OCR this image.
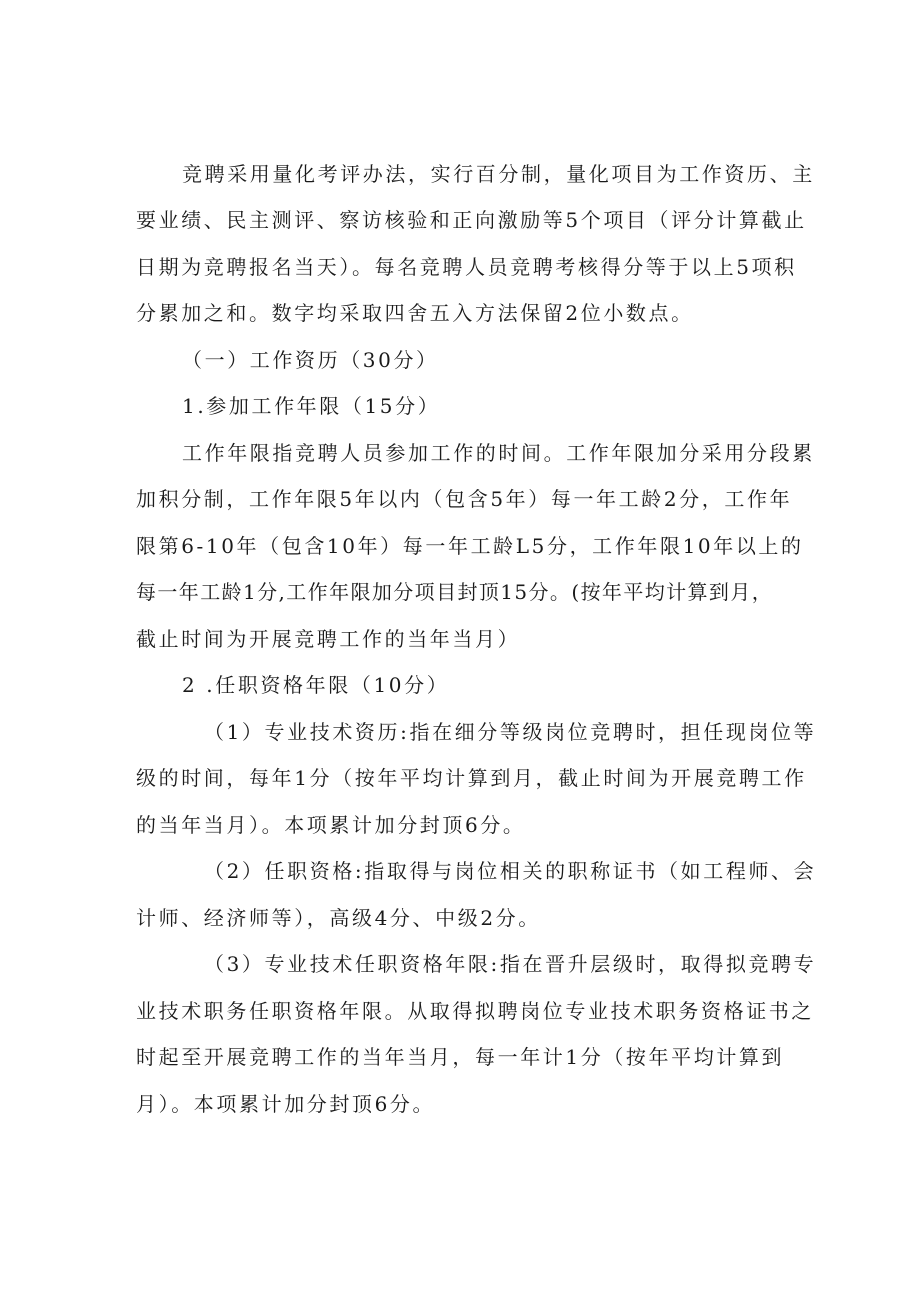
竞聘采用量化考评办法，实行百分制，量化项目为工作资历、主
要业绩、民主测评、察访核验和正向激励等5个项目（评分计算截止
日期为竞聘报名当天）。每名竞聘人员竞聘考核得分等于以上5项积
分累加之和。数字均采取四舍五入方法保留2位小数点。
（一）工作资历（30分）
1.参加工作年限（15分）
工作年限指竞聘人员参加工作的时间。工作年限加分采用分段累
加积分制，工作年限5年以内（包含5年）每一年工龄2分，工作年
限第6-10年（包含10年）每一年工龄L5分，工作年限10年以上的
每一年工龄1分,工作年限加分项目封顶15分。(按年平均计算到月，
截止时间为开展竞聘工作的当年当月）
2 .任职资格年限（10分）
（1）专业技术资历:指在细分等级岗位竞聘时，担任现岗位等
级的时间，每年1分（按年平均计算到月，截止时间为开展竞聘工作
的当年当月）。本项累计加分封顶6分。
（2）任职资格:指取得与岗位相关的职称证书（如工程师、会
计师、经济师等），高级4分、中级2分。
（3）专业技术任职资格年限:指在晋升层级时，取得拟竞聘专
业技术职务任职资格年限。从取得拟聘岗位专业技术职务资格证书之
时起至开展竞聘工作的当年当月，每一年计1分（按年平均计算到
月）。本项累计加分封顶6分。
